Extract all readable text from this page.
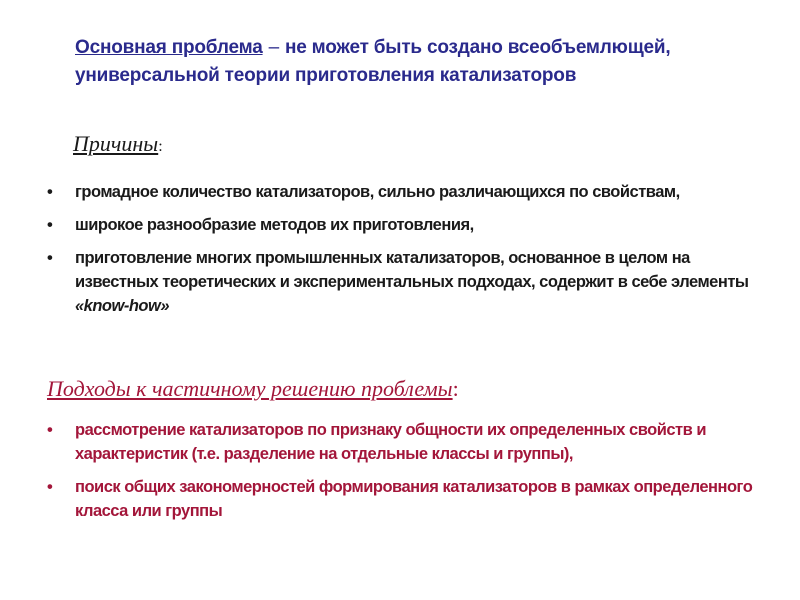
Основная проблема – не может быть создано всеобъемлющей, универсальной теории приготовления катализаторов
Причины:
• громадное количество катализаторов, сильно различающихся по свойствам,
• широкое разнообразие методов их приготовления,
• приготовление многих промышленных катализаторов, основанное в целом на известных теоретических и экспериментальных подходах, содержит в себе элементы «know-how»
Подходы к частичному решению проблемы:
• рассмотрение катализаторов по признаку общности их определенных свойств и характеристик (т.е. разделение на отдельные классы и группы),
• поиск общих закономерностей формирования катализаторов в рамках определенного класса или группы
